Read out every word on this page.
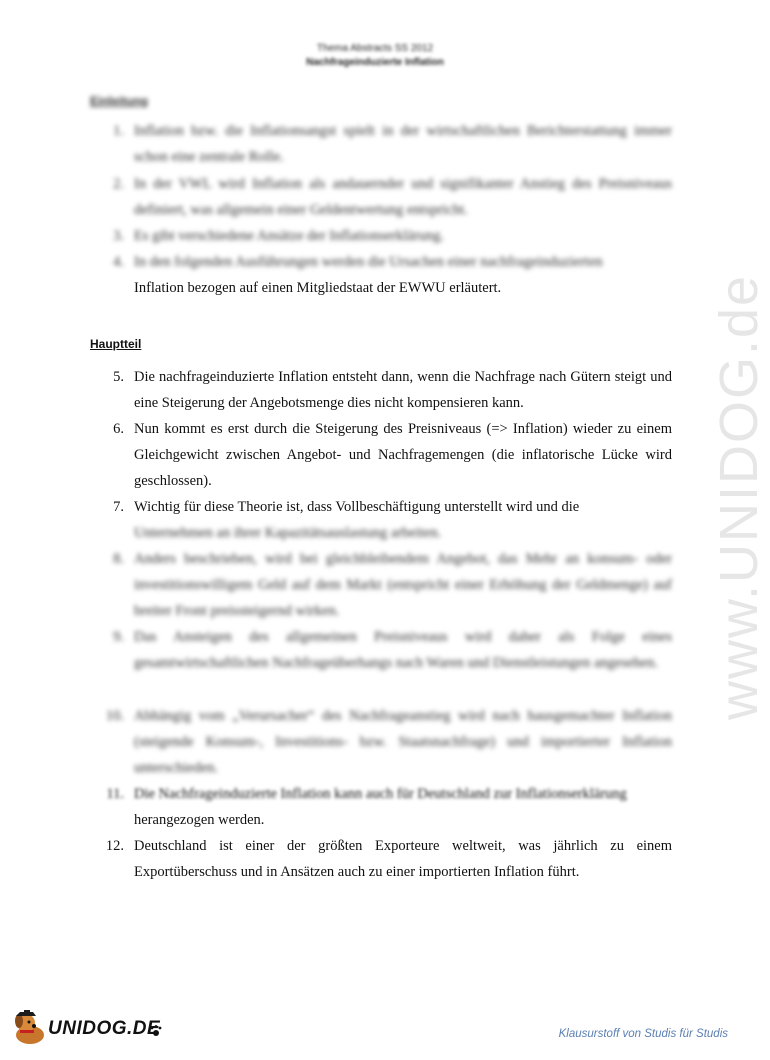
Thema Abstracts SS 2012
Nachfrageinduzierte Inflation
Einleitung
1. Inflation bzw. die Inflationsangst spielt in der wirtschaftlichen Berichterstattung immer schon eine zentrale Rolle.
2. In der VWL wird Inflation als andauernder und signifikanter Anstieg des Preisniveaus definiert, was allgemein einer Geldentwertung entspricht.
3. Es gibt verschiedene Ansätze der Inflationserklärung.
4. In den folgenden Ausführungen werden die Ursachen einer nachfrageinduzierten
Inflation bezogen auf einen Mitgliedstaat der EWWU erläutert.
Hauptteil
5. Die nachfrageinduzierte Inflation entsteht dann, wenn die Nachfrage nach Gütern steigt und eine Steigerung der Angebotsmenge dies nicht kompensieren kann.
6. Nun kommt es erst durch die Steigerung des Preisniveaus (=> Inflation) wieder zu einem Gleichgewicht zwischen Angebot- und Nachfragemengen (die inflatorische Lücke wird geschlossen).
7. Wichtig für diese Theorie ist, dass Vollbeschäftigung unterstellt wird und die
Unternehmen an ihrer Kapazitätsauslastung arbeiten.
8. Anders beschrieben, wird bei gleichbleibendem Angebot, das Mehr an konsum- oder investitionswilligem Geld auf dem Markt (entspricht einer Erhöhung der Geldmenge) auf breiter Front preissteigernd wirken.
9. Das Ansteigen des allgemeinen Preisniveaus wird daher als Folge eines gesamtwirtschaftlichen Nachfrageüberhangs nach Waren und Dienstleistungen angesehen.
10. Abhängig vom „Verursacher“ des Nachfrageanstieg wird nach hausgemachter Inflation (steigende Konsum-, Investitions- bzw. Staatsnachfrage) und importierter Inflation unterschieden.
11. Die Nachfrageinduzierte Inflation kann auch für Deutschland zur Inflationserklärung
herangezogen werden.
12. Deutschland ist einer der größten Exporteure weltweit, was jährlich zu einem Exportüberschuss und in Ansätzen auch zu einer importierten Inflation führt.
www.UNIDOG.de
UNIDOG.DE	Klausurstoff von Studis für Studis
